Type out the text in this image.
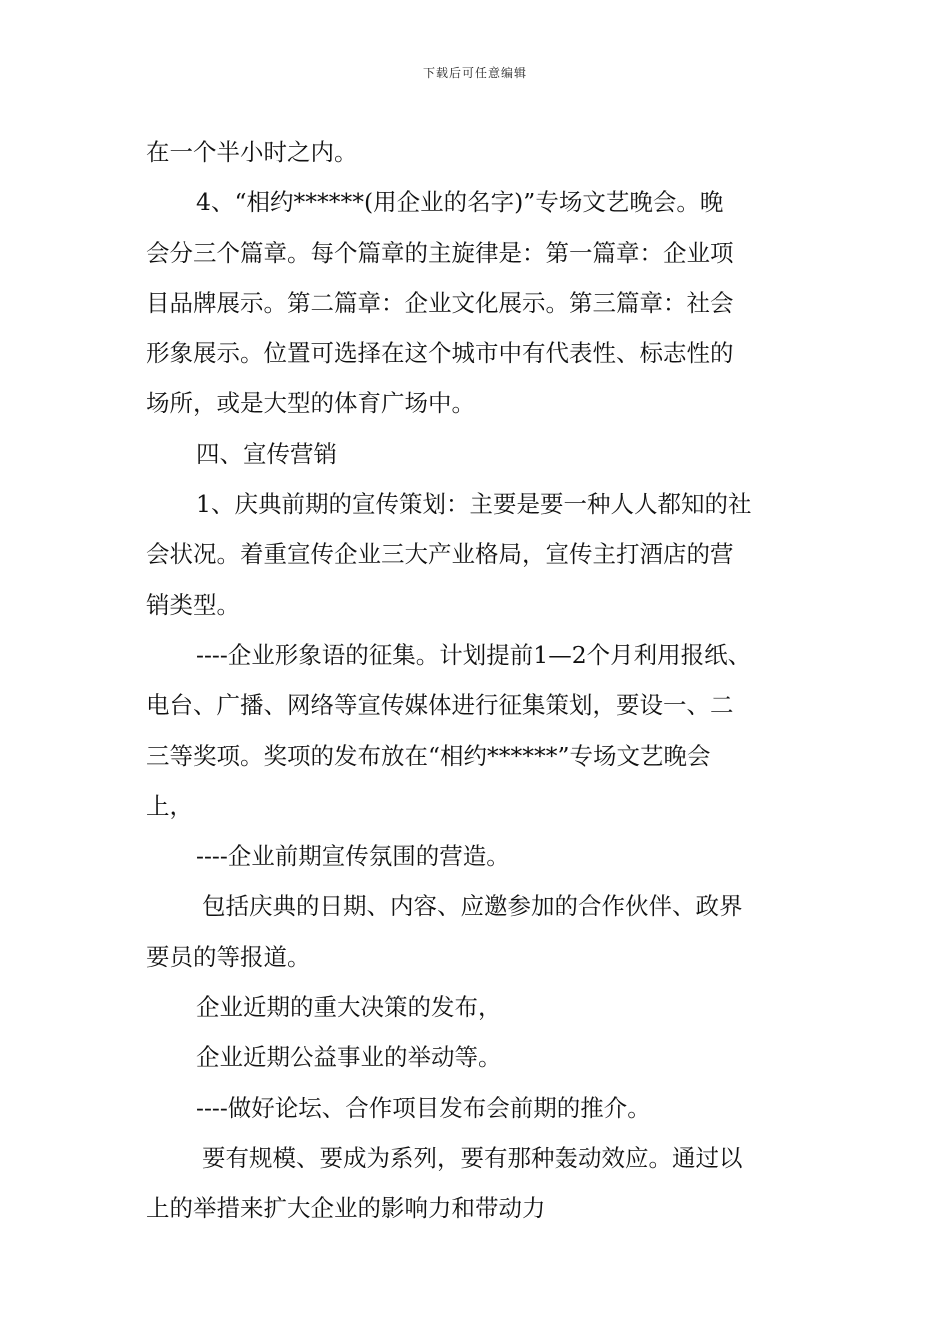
下载后可任意编辑
在一个半小时之内。
4、“相约******(用企业的名字)”专场文艺晚会。晚
会分三个篇章。每个篇章的主旋律是：第一篇章：企业项
目品牌展示。第二篇章：企业文化展示。第三篇章：社会
形象展示。位置可选择在这个城市中有代表性、标志性的
场所，或是大型的体育广场中。
四、宣传营销
1、庆典前期的宣传策划：主要是要一种人人都知的社
会状况。着重宣传企业三大产业格局，宣传主打酒店的营
销类型。
----企业形象语的征集。计划提前1—2个月利用报纸、
电台、广播、网络等宣传媒体进行征集策划，要设一、二
三等奖项。奖项的发布放在“相约******”专场文艺晚会
上，
----企业前期宣传氛围的营造。
包括庆典的日期、内容、应邀参加的合作伙伴、政界
要员的等报道。
企业近期的重大决策的发布，
企业近期公益事业的举动等。
----做好论坛、合作项目发布会前期的推介。
要有规模、要成为系列，要有那种轰动效应。通过以
上的举措来扩大企业的影响力和带动力
